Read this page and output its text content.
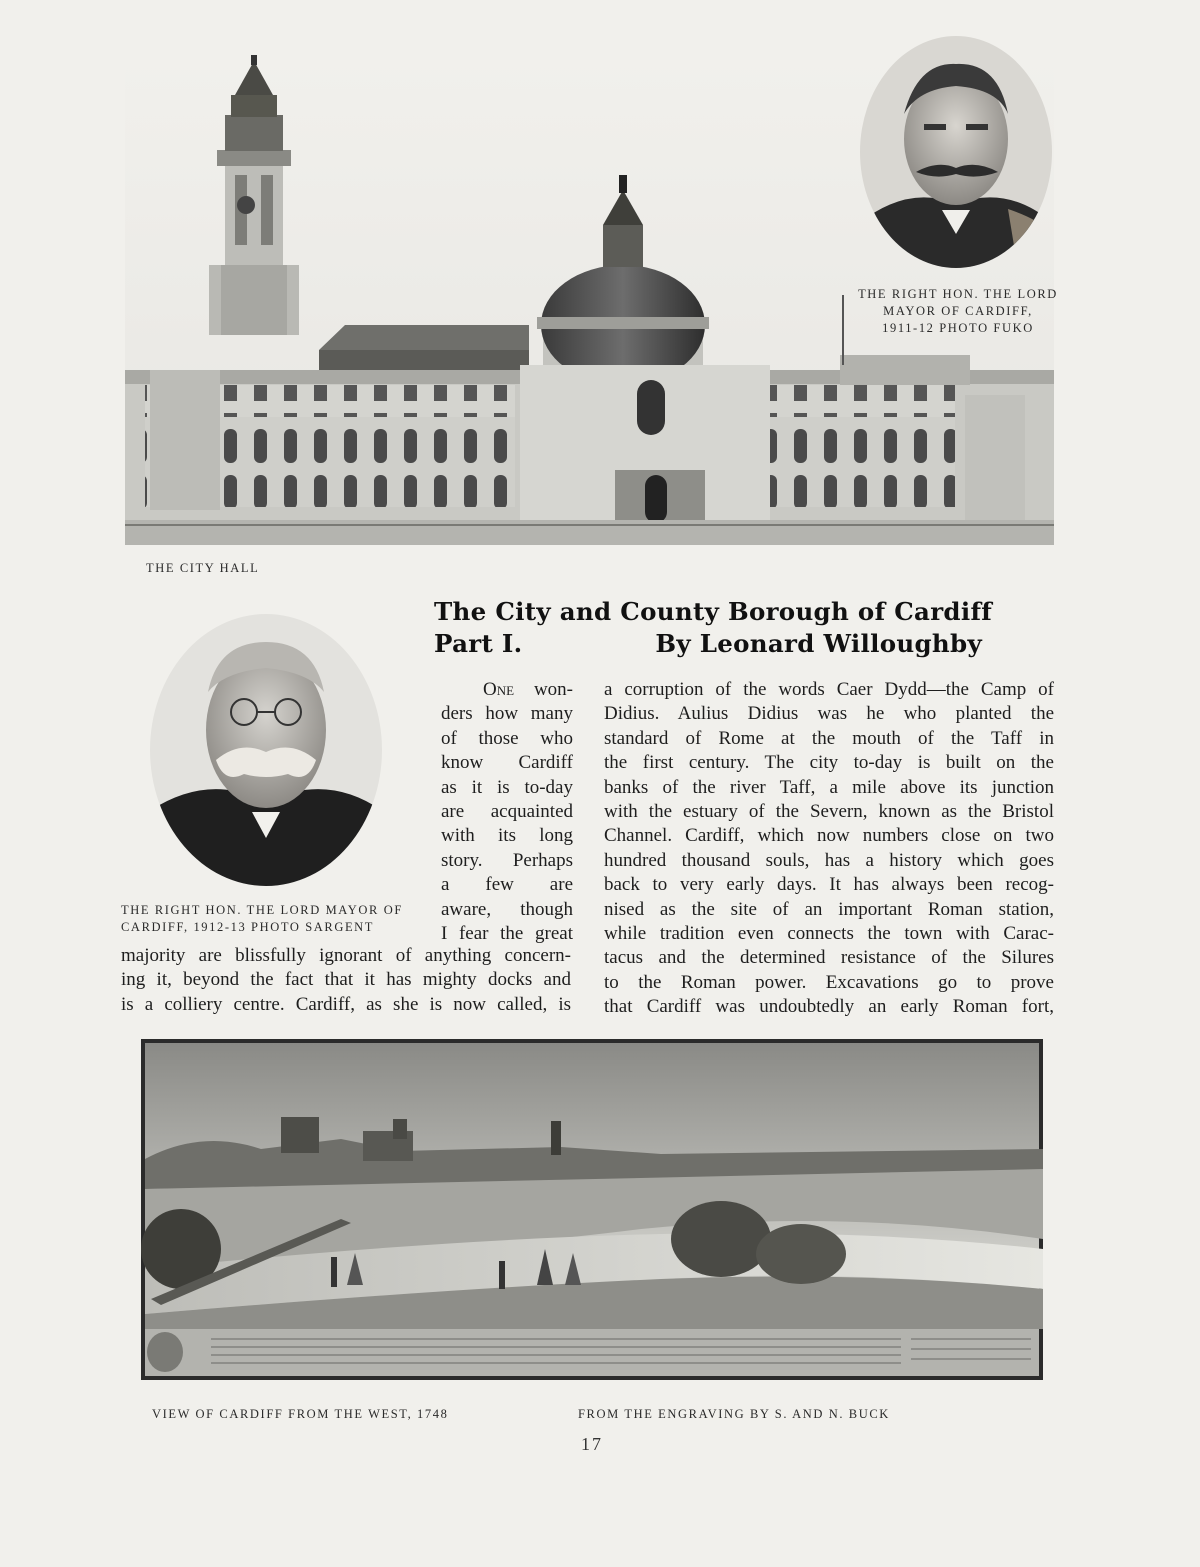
THE RIGHT HON. THE LORD
MAYOR OF CARDIFF,
1911-12 PHOTO FUKO
THE CITY HALL
THE RIGHT HON. THE LORD MAYOR OF
CARDIFF, 1912-13 PHOTO SARGENT
The City and County Borough of Cardiff
Part I.	By Leonard Willoughby
One won-
ders how many
of those who
know Cardiff
as it is to-day
are acquainted
with its long
story. Perhaps
a few are
aware, though
I fear the great
majority are blissfully ignorant of anything concern-
ing it, beyond the fact that it has mighty docks and
is a colliery centre. Cardiff, as she is now called, is
a corruption of the words Caer Dydd—the Camp of
Didius. Aulius Didius was he who planted the
standard of Rome at the mouth of the Taff in
the first century. The city to-day is built on the
banks of the river Taff, a mile above its junction
with the estuary of the Severn, known as the Bristol
Channel. Cardiff, which now numbers close on two
hundred thousand souls, has a history which goes
back to very early days. It has always been recog-
nised as the site of an important Roman station,
while tradition even connects the town with Carac-
tacus and the determined resistance of the Silures
to the Roman power. Excavations go to prove
that Cardiff was undoubtedly an early Roman fort,
VIEW OF CARDIFF FROM THE WEST, 1748	FROM THE ENGRAVING BY S. AND N. BUCK
17
